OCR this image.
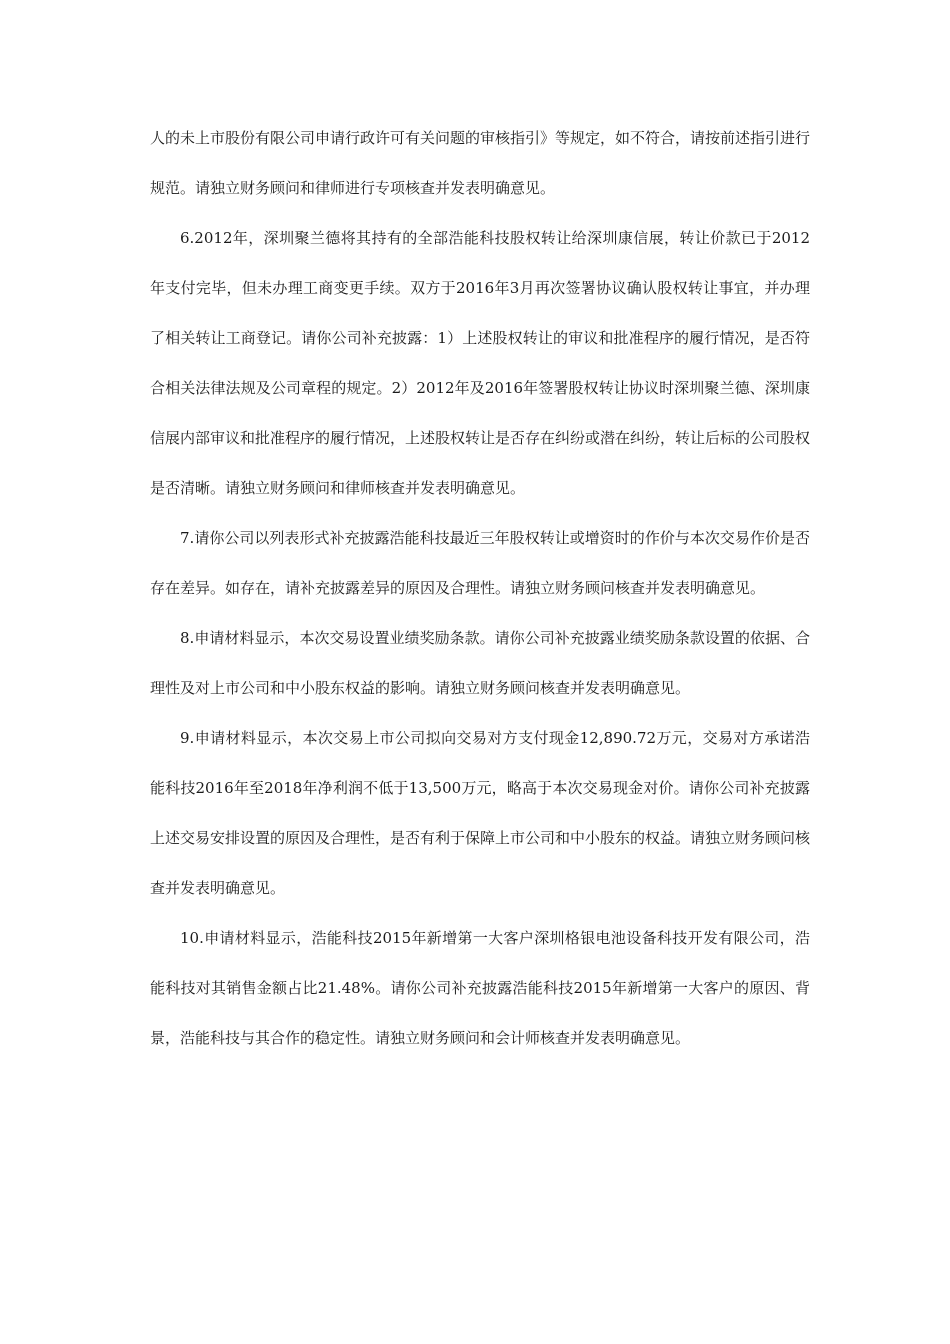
人的未上市股份有限公司申请行政许可有关问题的审核指引》等规定，如不符合，请按前述指引进行规范。请独立财务顾问和律师进行专项核查并发表明确意见。

6.2012年，深圳聚兰德将其持有的全部浩能科技股权转让给深圳康信展，转让价款已于2012年支付完毕，但未办理工商变更手续。双方于2016年3月再次签署协议确认股权转让事宜，并办理了相关转让工商登记。请你公司补充披露：1）上述股权转让的审议和批准程序的履行情况，是否符合相关法律法规及公司章程的规定。2）2012年及2016年签署股权转让协议时深圳聚兰德、深圳康信展内部审议和批准程序的履行情况，上述股权转让是否存在纠纷或潜在纠纷，转让后标的公司股权是否清晰。请独立财务顾问和律师核查并发表明确意见。

7.请你公司以列表形式补充披露浩能科技最近三年股权转让或增资时的作价与本次交易作价是否存在差异。如存在，请补充披露差异的原因及合理性。请独立财务顾问核查并发表明确意见。

8.申请材料显示，本次交易设置业绩奖励条款。请你公司补充披露业绩奖励条款设置的依据、合理性及对上市公司和中小股东权益的影响。请独立财务顾问核查并发表明确意见。

9.申请材料显示，本次交易上市公司拟向交易对方支付现金12,890.72万元，交易对方承诺浩能科技2016年至2018年净利润不低于13,500万元，略高于本次交易现金对价。请你公司补充披露上述交易安排设置的原因及合理性，是否有利于保障上市公司和中小股东的权益。请独立财务顾问核查并发表明确意见。

10.申请材料显示，浩能科技2015年新增第一大客户深圳格银电池设备科技开发有限公司，浩能科技对其销售金额占比21.48%。请你公司补充披露浩能科技2015年新增第一大客户的原因、背景，浩能科技与其合作的稳定性。请独立财务顾问和会计师核查并发表明确意见。
